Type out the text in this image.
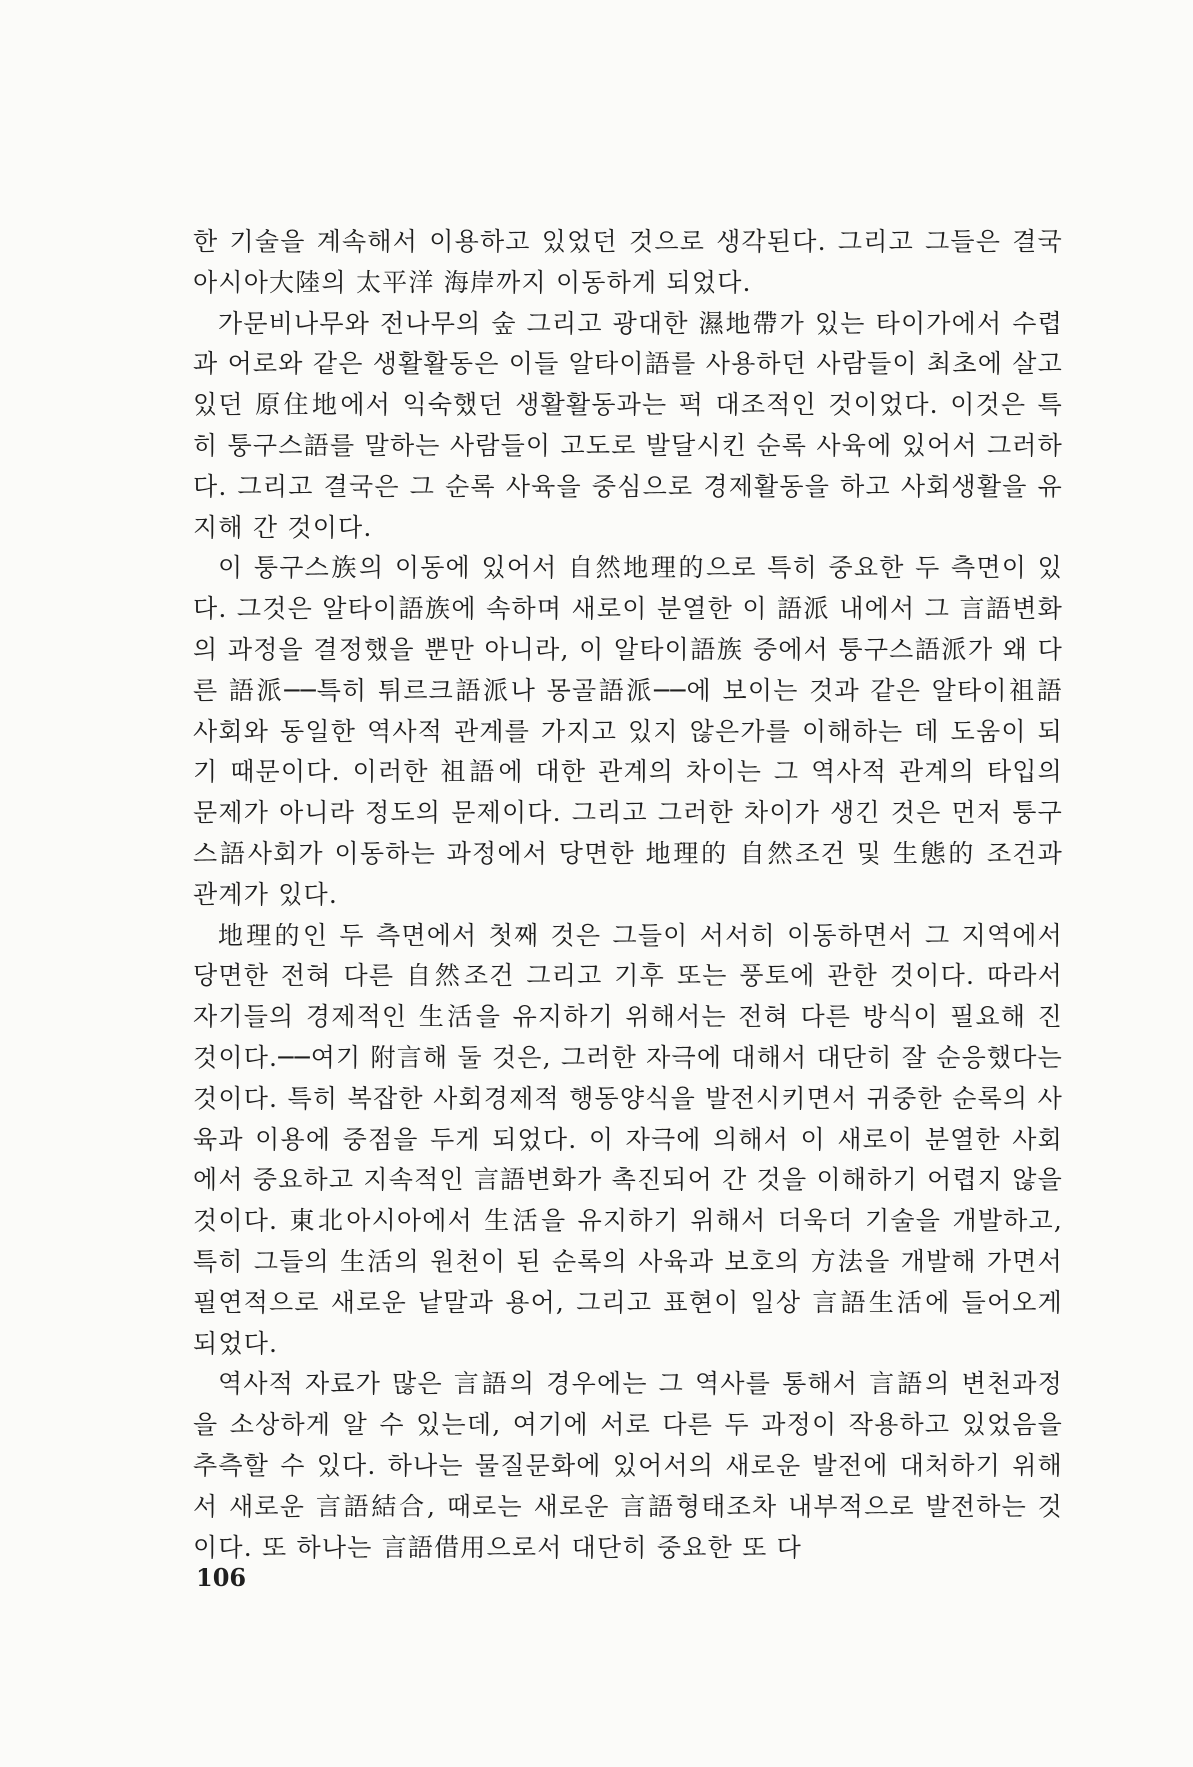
한 기술을 계속해서 이용하고 있었던 것으로 생각된다. 그리고 그들은 결국 아시아大陸의 太平洋 海岸까지 이동하게 되었다.

가문비나무와 전나무의 숲 그리고 광대한 濕地帶가 있는 타이가에서 수렵과 어로와 같은 생활활동은 이들 알타이語를 사용하던 사람들이 최초에 살고 있던 原住地에서 익숙했던 생활활동과는 퍽 대조적인 것이었다. 이것은 특히 퉁구스語를 말하는 사람들이 고도로 발달시킨 순록 사육에 있어서 그러하다. 그리고 결국은 그 순록 사육을 중심으로 경제활동을 하고 사회생활을 유지해 간 것이다.

이 퉁구스族의 이동에 있어서 自然地理的으로 특히 중요한 두 측면이 있다. 그것은 알타이語族에 속하며 새로이 분열한 이 語派 내에서 그 言語변화의 과정을 결정했을 뿐만 아니라, 이 알타이語族 중에서 퉁구스語派가 왜 다른 語派──특히 튀르크語派나 몽골語派──에 보이는 것과 같은 알타이祖語사회와 동일한 역사적 관계를 가지고 있지 않은가를 이해하는 데 도움이 되기 때문이다. 이러한 祖語에 대한 관계의 차이는 그 역사적 관계의 타입의 문제가 아니라 정도의 문제이다. 그리고 그러한 차이가 생긴 것은 먼저 퉁구스語사회가 이동하는 과정에서 당면한 地理的 自然조건 및 生態的 조건과 관계가 있다.

地理的인 두 측면에서 첫째 것은 그들이 서서히 이동하면서 그 지역에서 당면한 전혀 다른 自然조건 그리고 기후 또는 풍토에 관한 것이다. 따라서 자기들의 경제적인 生活을 유지하기 위해서는 전혀 다른 방식이 필요해 진 것이다.──여기 附言해 둘 것은, 그러한 자극에 대해서 대단히 잘 순응했다는 것이다. 특히 복잡한 사회경제적 행동양식을 발전시키면서 귀중한 순록의 사육과 이용에 중점을 두게 되었다. 이 자극에 의해서 이 새로이 분열한 사회에서 중요하고 지속적인 言語변화가 촉진되어 간 것을 이해하기 어렵지 않을 것이다. 東北아시아에서 生活을 유지하기 위해서 더욱더 기술을 개발하고, 특히 그들의 生活의 원천이 된 순록의 사육과 보호의 方法을 개발해 가면서 필연적으로 새로운 낱말과 용어, 그리고 표현이 일상 言語生活에 들어오게 되었다.

역사적 자료가 많은 言語의 경우에는 그 역사를 통해서 言語의 변천과정을 소상하게 알 수 있는데, 여기에 서로 다른 두 과정이 작용하고 있었음을 추측할 수 있다. 하나는 물질문화에 있어서의 새로운 발전에 대처하기 위해서 새로운 言語結合, 때로는 새로운 言語형태조차 내부적으로 발전하는 것이다. 또 하나는 言語借用으로서 대단히 중요한 또 다

106
